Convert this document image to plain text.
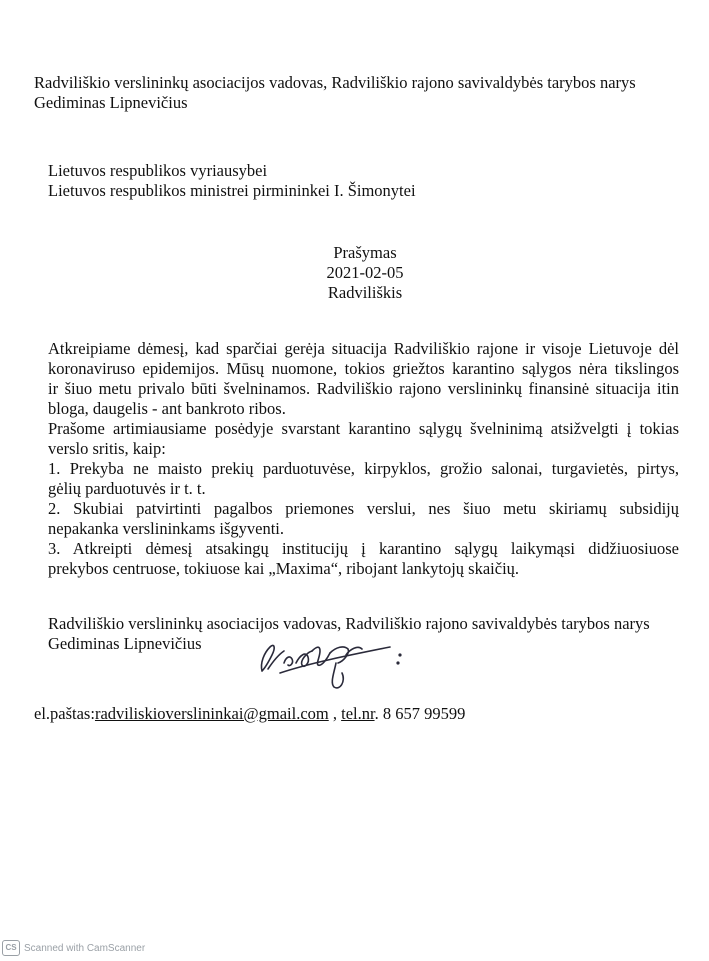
Radviliškio verslininkų asociacijos vadovas, Radviliškio rajono savivaldybės tarybos narys
Gediminas Lipnevičius
Lietuvos respublikos vyriausybei
Lietuvos respublikos ministrei pirmininkei I. Šimonytei
Prašymas
2021-02-05
Radviliškis
Atkreipiame dėmesį, kad sparčiai gerėja situacija Radviliškio rajone ir visoje Lietuvoje dėl
koronaviruso epidemijos. Mūsų nuomone, tokios griežtos karantino sąlygos nėra tikslingos
ir šiuo metu privalo būti švelninamos. Radviliškio rajono verslininkų finansinė situacija itin
bloga, daugelis - ant bankroto ribos.
Prašome artimiausiame posėdyje svarstant karantino sąlygų švelninimą atsižvelgti į tokias
verslo sritis, kaip:
1. Prekyba ne maisto prekių parduotuvėse, kirpyklos, grožio salonai, turgavietės, pirtys,
gėlių parduotuvės ir t. t.
2. Skubiai patvirtinti pagalbos priemones verslui, nes šiuo metu skiriamų subsidijų
nepakanka verslininkams išgyventi.
3. Atkreipti dėmesį atsakingų institucijų į karantino sąlygų laikymąsi didžiuosiuose
prekybos centruose, tokiuose kai „Maxima“, ribojant lankytojų skaičių.
Radviliškio verslininkų asociacijos vadovas, Radviliškio rajono savivaldybės tarybos narys
Gediminas Lipnevičius
el.paštas:radviliskioverslininkai@gmail.com , tel.nr. 8 657 99599
CS Scanned with CamScanner
